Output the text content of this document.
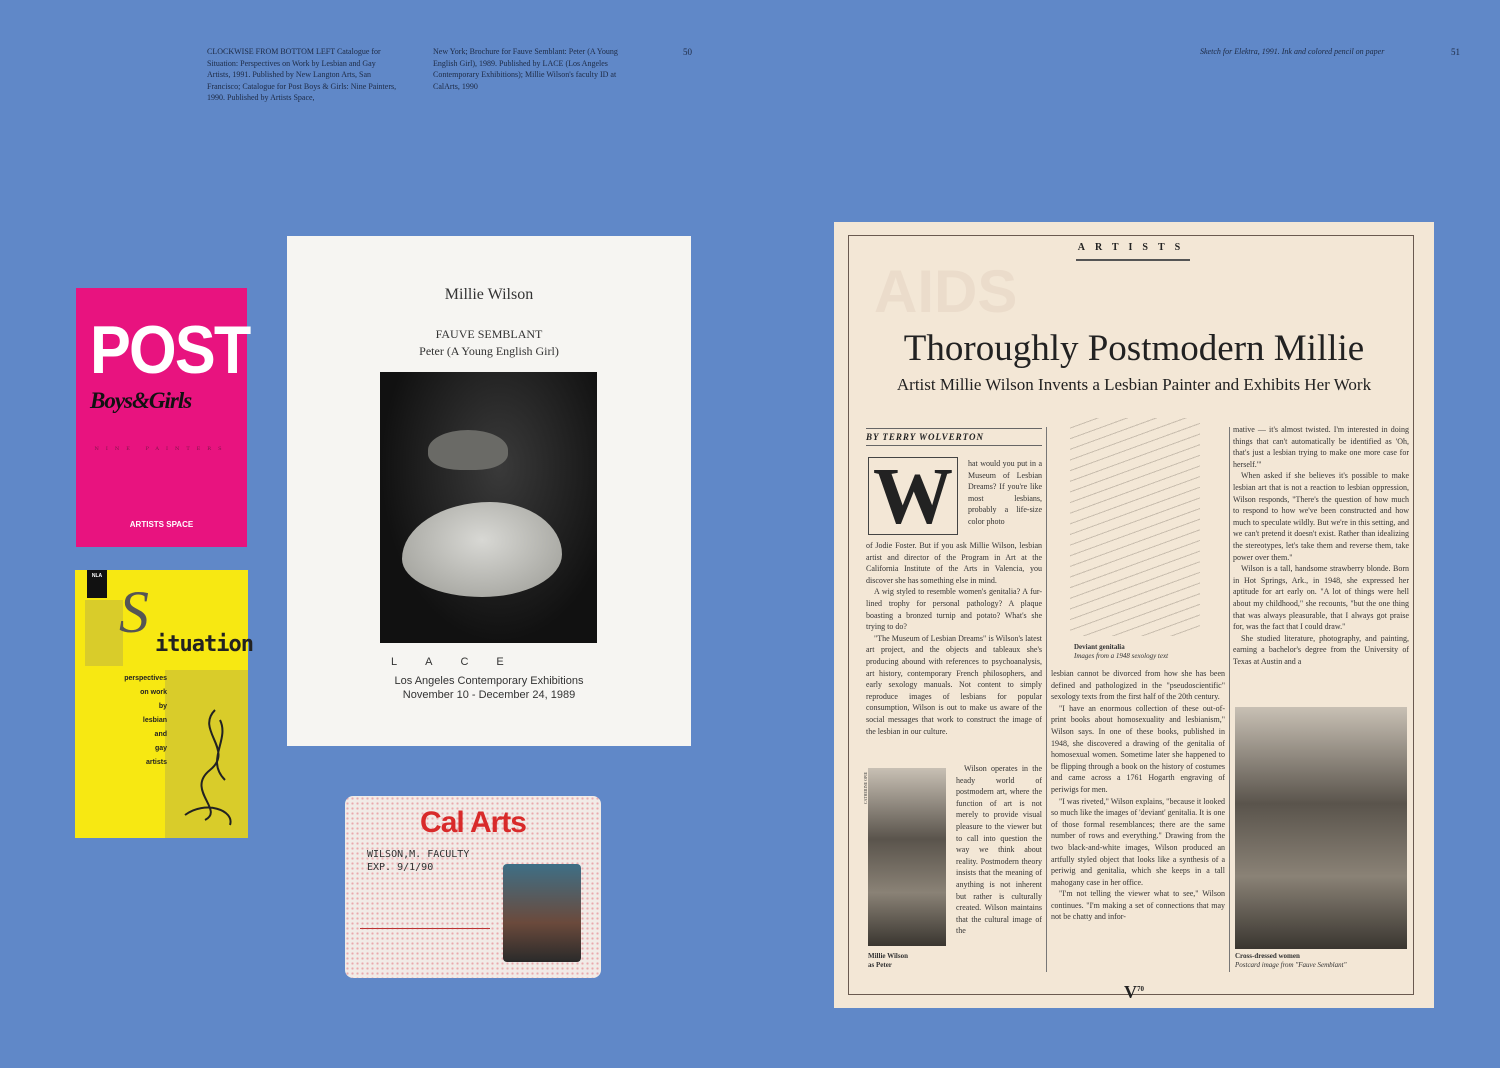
CLOCKWISE FROM BOTTOM LEFT Catalogue for Situation: Perspectives on Work by Lesbian and Gay Artists, 1991. Published by New Langton Arts, San Francisco; Catalogue for Post Boys & Girls: Nine Painters, 1990. Published by Artists Space,
New York; Brochure for Fauve Semblant: Peter (A Young English Girl), 1989. Published by LACE (Los Angeles Contemporary Exhibitions); Millie Wilson's faculty ID at CalArts, 1990
50	Sketch for Elektra, 1991. Ink and colored pencil on paper	51
POST
Boys&Girls
NINE PAINTERS
ARTISTS SPACE
NLA
S ituation
perspectives
on work
by
lesbian
and
gay
artists
Millie Wilson
FAUVE SEMBLANT
Peter (A Young English Girl)
LACE
Los Angeles Contemporary Exhibitions
November 10 - December 24, 1989
Cal Arts
WILSON,M. FACULTY
EXP. 9/1/90
AIDS
ARTISTS
Thoroughly Postmodern Millie
Artist Millie Wilson Invents a Lesbian Painter and Exhibits Her Work
BY TERRY WOLVERTON
W	hat would you put in a Museum of Lesbian Dreams? If you're like most lesbians, probably a life-size color photo

of Jodie Foster. But if you ask Millie Wilson, lesbian artist and director of the Program in Art at the California Institute of the Arts in Valencia, you discover she has something else in mind.

A wig styled to resemble women's genitalia? A fur-lined trophy for personal pathology? A plaque boasting a bronzed turnip and potato? What's she trying to do?

"The Museum of Lesbian Dreams" is Wilson's latest art project, and the objects and tableaux she's producing abound with references to psychoanalysis, art history, contemporary French philosophers, and early sexology manuals. Not content to simply reproduce images of lesbians for popular consumption, Wilson is out to make us aware of the social messages that work to construct the image of the lesbian in our culture.

Millie Wilson
as Peter
CATHERINE OPIE

Wilson operates in the heady world of postmodern art, where the function of art is not merely to provide visual pleasure to the viewer but to call into question the way we think about reality. Postmodern theory insists that the meaning of anything is not inherent but rather is culturally created. Wilson maintains that the cultural image of the

Deviant genitalia
Images from a 1948 sexology text

lesbian cannot be divorced from how she has been defined and pathologized in the "pseudoscientific" sexology texts from the first half of the 20th century.

"I have an enormous collection of these out-of-print books about homosexuality and lesbianism," Wilson says. In one of these books, published in 1948, she discovered a drawing of the genitalia of homosexual women. Sometime later she happened to be flipping through a book on the history of costumes and came across a 1761 Hogarth engraving of periwigs for men.

"I was riveted," Wilson explains, "because it looked so much like the images of 'deviant' genitalia. It is one of those formal resemblances; there are the same number of rows and everything." Drawing from the two black-and-white images, Wilson produced an artfully styled object that looks like a synthesis of a periwig and genitalia, which she keeps in a tall mahogany case in her office.

"I'm not telling the viewer what to see," Wilson continues. "I'm making a set of connections that may not be chatty and infor-

mative — it's almost twisted. I'm interested in doing things that can't automatically be identified as 'Oh, that's just a lesbian trying to make one more case for herself.'"

When asked if she believes it's possible to make lesbian art that is not a reaction to lesbian oppression, Wilson responds, "There's the question of how much to respond to how we've been constructed and how much to speculate wildly. But we're in this setting, and we can't pretend it doesn't exist. Rather than idealizing the stereotypes, let's take them and reverse them, take power over them."

Wilson is a tall, handsome strawberry blonde. Born in Hot Springs, Ark., in 1948, she expressed her aptitude for art early on. "A lot of things were hell about my childhood," she recounts, "but the one thing that was always pleasurable, that I always got praise for, was the fact that I could draw."

She studied literature, photography, and painting, earning a bachelor's degree from the University of Texas at Austin and a

Cross-dressed women
Postcard image from "Fauve Semblant"
$V^{70}$
